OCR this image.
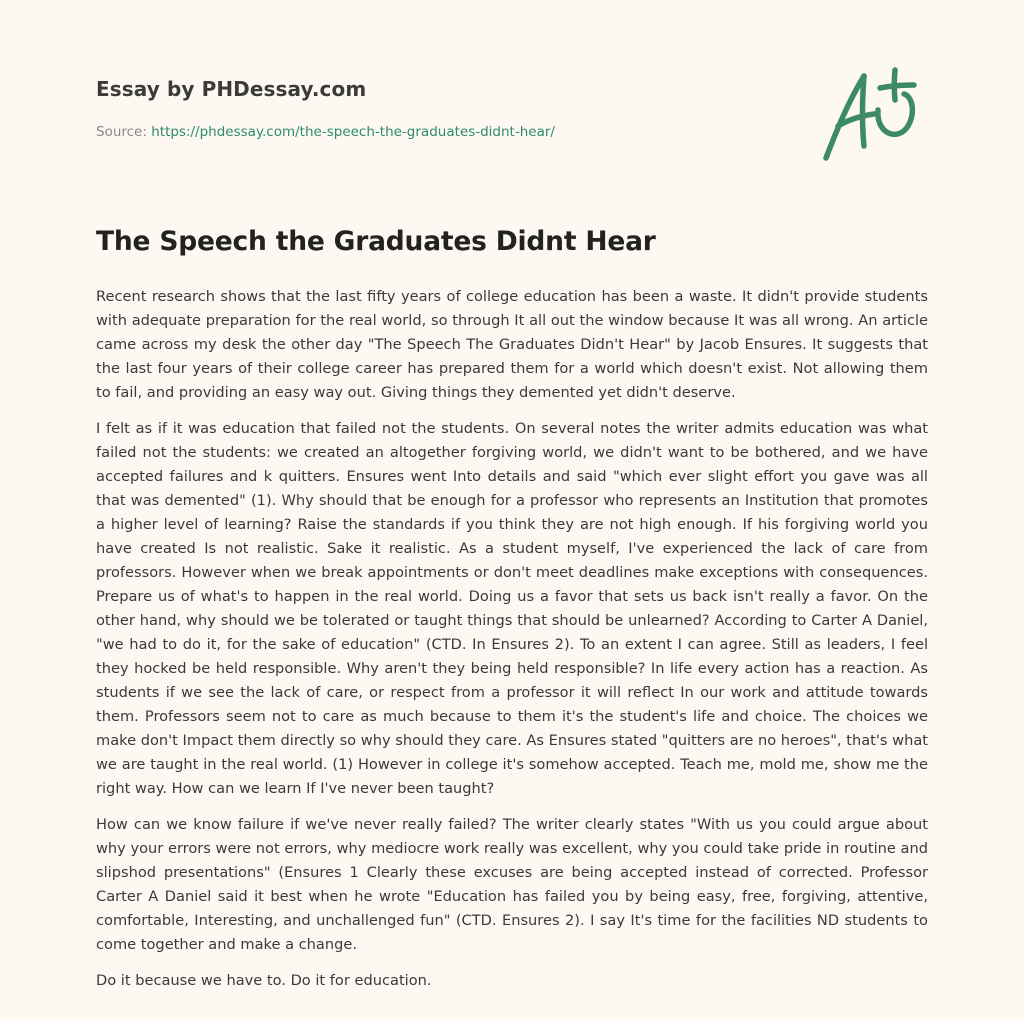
Essay by PHDessay.com
Source: https://phdessay.com/the-speech-the-graduates-didnt-hear/
The Speech the Graduates Didnt Hear

Recent research shows that the last fifty years of college education has been a waste. It didn't provide students with adequate preparation for the real world, so through It all out the window because It was all wrong. An article came across my desk the other day "The Speech The Graduates Didn't Hear" by Jacob Ensures. It suggests that the last four years of their college career has prepared them for a world which doesn't exist. Not allowing them to fail, and providing an easy way out. Giving things they demented yet didn't deserve.

I felt as if it was education that failed not the students. On several notes the writer admits education was what failed not the students: we created an altogether forgiving world, we didn't want to be bothered, and we have accepted failures and k quitters. Ensures went Into details and said "which ever slight effort you gave was all that was demented" (1). Why should that be enough for a professor who represents an Institution that promotes a higher level of learning? Raise the standards if you think they are not high enough. If his forgiving world you have created Is not realistic. Sake it realistic. As a student myself, I've experienced the lack of care from professors. However when we break appointments or don't meet deadlines make exceptions with consequences. Prepare us of what's to happen in the real world. Doing us a favor that sets us back isn't really a favor. On the other hand, why should we be tolerated or taught things that should be unlearned? According to Carter A Daniel, "we had to do it, for the sake of education" (CTD. In Ensures 2). To an extent I can agree. Still as leaders, I feel they hocked be held responsible. Why aren't they being held responsible? In life every action has a reaction. As students if we see the lack of care, or respect from a professor it will reflect In our work and attitude towards them. Professors seem not to care as much because to them it's the student's life and choice. The choices we make don't Impact them directly so why should they care. As Ensures stated "quitters are no heroes", that's what we are taught in the real world. (1) However in college it's somehow accepted. Teach me, mold me, show me the right way. How can we learn If I've never been taught?

How can we know failure if we've never really failed? The writer clearly states "With us you could argue about why your errors were not errors, why mediocre work really was excellent, why you could take pride in routine and slipshod presentations" (Ensures 1 Clearly these excuses are being accepted instead of corrected. Professor Carter A Daniel said it best when he wrote "Education has failed you by being easy, free, forgiving, attentive, comfortable, Interesting, and unchallenged fun" (CTD. Ensures 2). I say It's time for the facilities ND students to come together and make a change.

Do it because we have to. Do it for education.
